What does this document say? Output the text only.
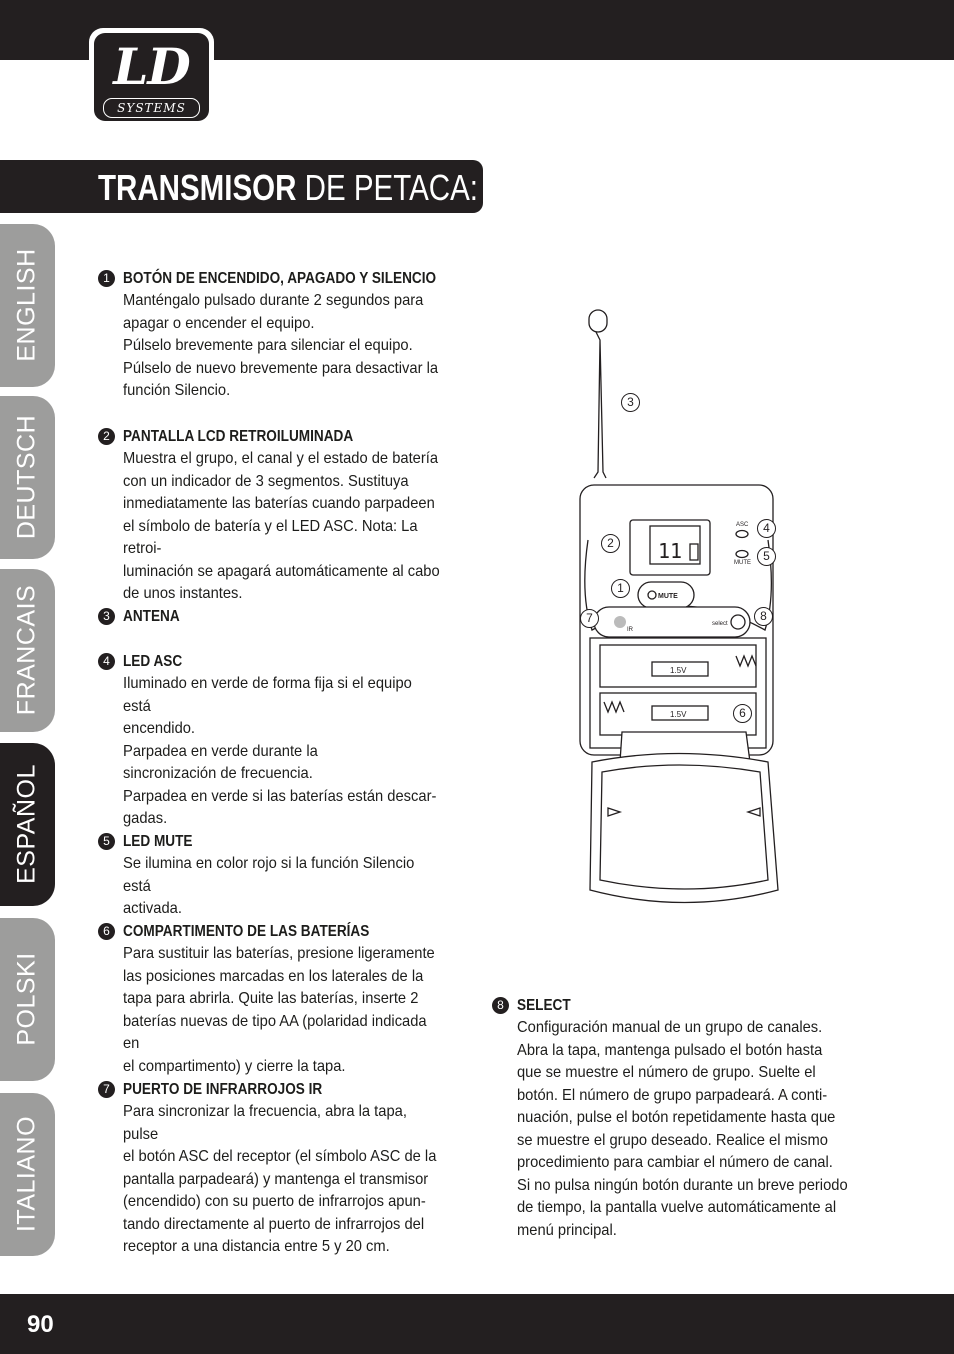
LD
SYSTEMS
TRANSMISOR DE PETACA:
ENGLISH
DEUTSCH
FRANCAIS
ESPAÑOL
POLSKI
ITALIANO
1 BOTÓN DE ENCENDIDO, APAGADO Y SILENCIO
Manténgalo pulsado durante 2 segundos para
apagar o encender el equipo.
Púlselo brevemente para silenciar el equipo.
Púlselo de nuevo brevemente para desactivar la
función Silencio.
2 PANTALLA LCD RETROILUMINADA
Muestra el grupo, el canal y el estado de batería
con un indicador de 3 segmentos. Sustituya
inmediatamente las baterías cuando parpadeen
el símbolo de batería y el LED ASC. Nota: La retroi-
luminación se apagará automáticamente al cabo
de unos instantes.
3 ANTENA
4 LED ASC
Iluminado en verde de forma fija si el equipo está
encendido.
Parpadea en verde durante la
sincronización de frecuencia.
Parpadea en verde si las baterías están descar-
gadas.
5 LED MUTE
Se ilumina en color rojo si la función Silencio está
activada.
6 COMPARTIMENTO DE LAS BATERÍAS
Para sustituir las baterías, presione ligeramente
las posiciones marcadas en los laterales de la
tapa para abrirla. Quite las baterías, inserte 2
baterías nuevas de tipo AA (polaridad indicada en
el compartimento) y cierre la tapa.
7 PUERTO DE INFRARROJOS IR
Para sincronizar la frecuencia, abra la tapa, pulse
el botón ASC del receptor (el símbolo ASC de la
pantalla parpadeará) y mantenga el transmisor
(encendido) con su puerto de infrarrojos apun-
tando directamente al puerto de infrarrojos del
receptor a una distancia entre 5 y 20 cm.
8 SELECT
Configuración manual de un grupo de canales.
Abra la tapa, mantenga pulsado el botón hasta
que se muestre el número de grupo. Suelte el
botón. El número de grupo parpadeará. A conti-
nuación, pulse el botón repetidamente hasta que
se muestre el grupo deseado. Realice el mismo
procedimiento para cambiar el número de canal.
Si no pulsa ningún botón durante un breve periodo
de tiempo, la pantalla vuelve automáticamente al
menú principal.
11
ASC
MUTE
MUTE
IR
select
1.5V
1.5V
3
2
4
5
1
7	8
6
90
